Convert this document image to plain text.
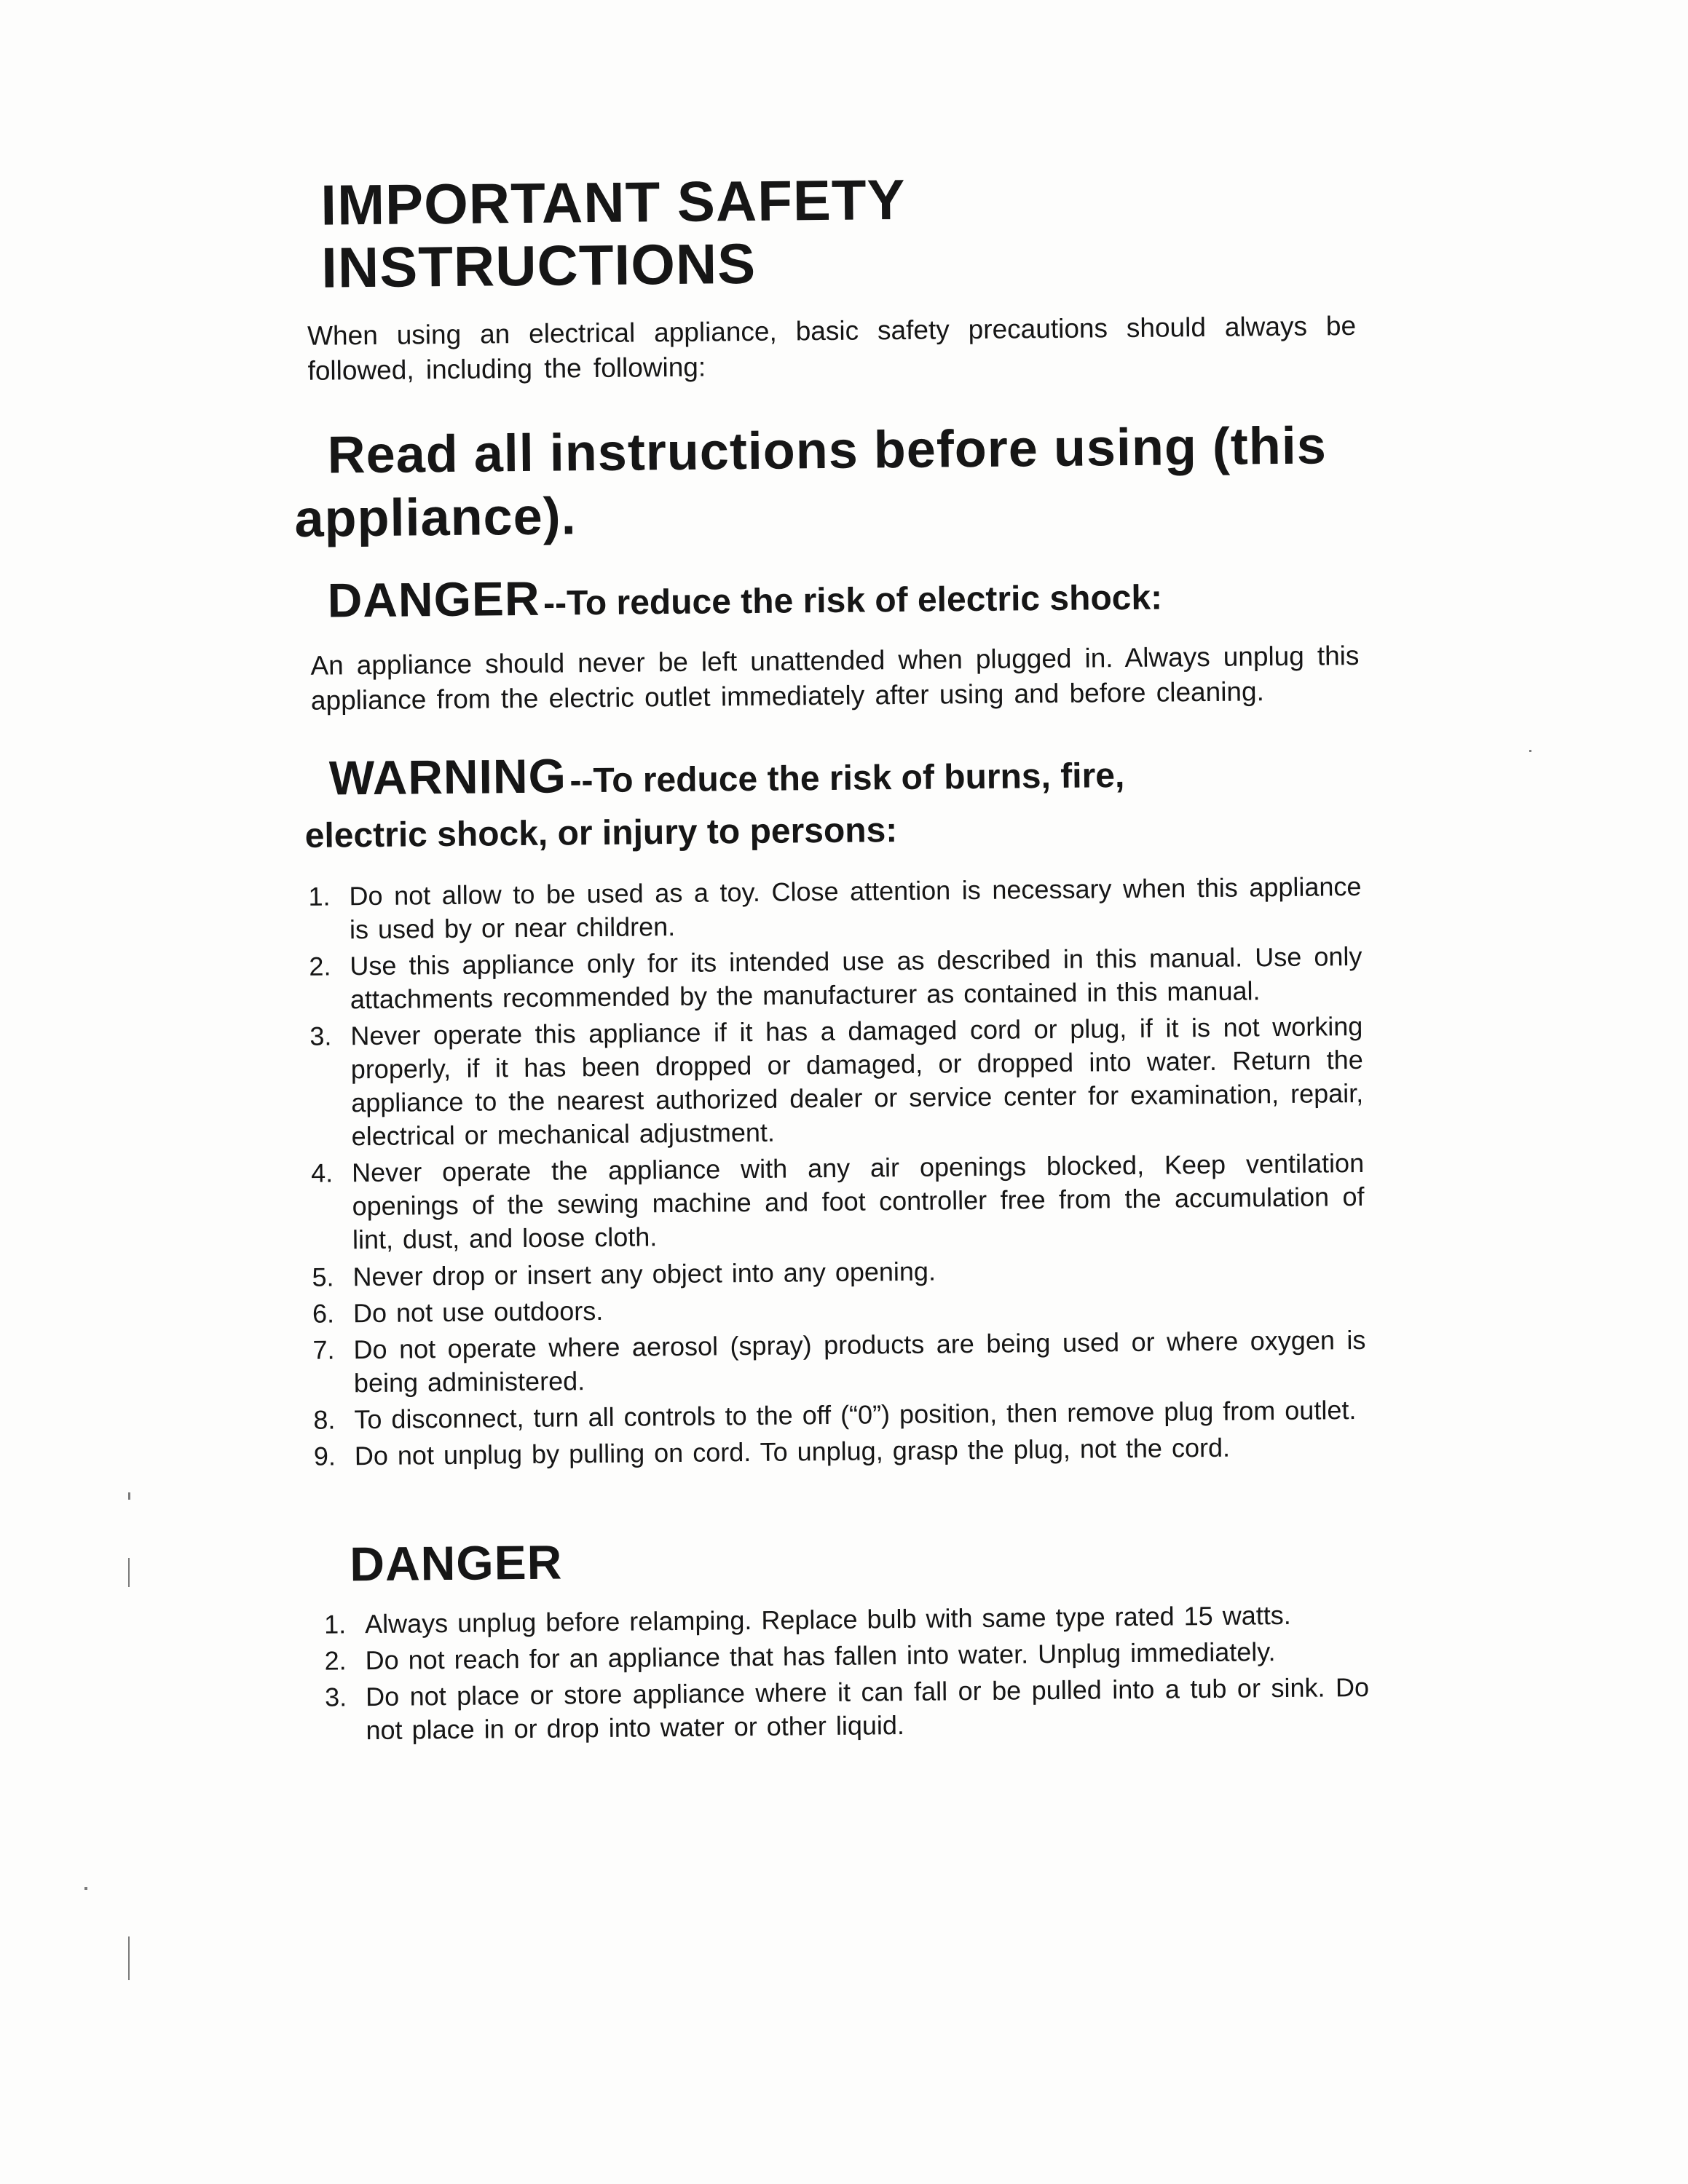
IMPORTANT SAFETY INSTRUCTIONS

When using an electrical appliance, basic safety precautions should always be followed, including the following:

Read all instructions before using (this appliance).

DANGER --To reduce the risk of electric shock:

An appliance should never be left unattended when plugged in. Always unplug this appliance from the electric outlet immediately after using and before cleaning.

WARNING --To reduce the risk of burns, fire,
electric shock, or injury to persons:
1. Do not allow to be used as a toy. Close attention is necessary when this appliance is used by or near children.
2. Use this appliance only for its intended use as described in this manual. Use only attachments recommended by the manufacturer as contained in this manual.
3. Never operate this appliance if it has a damaged cord or plug, if it is not working properly, if it has been dropped or damaged, or dropped into water. Return the appliance to the nearest authorized dealer or service center for examination, repair, electrical or mechanical adjustment.
4. Never operate the appliance with any air openings blocked, Keep ventilation openings of the sewing machine and foot controller free from the accumulation of lint, dust, and loose cloth.
5. Never drop or insert any object into any opening.
6. Do not use outdoors.
7. Do not operate where aerosol (spray) products are being used or where oxygen is being administered.
8. To disconnect, turn all controls to the off (“0”) position, then remove plug from outlet.
9. Do not unplug by pulling on cord. To unplug, grasp the plug, not the cord.
DANGER
1. Always unplug before relamping. Replace bulb with same type rated 15 watts.
2. Do not reach for an appliance that has fallen into water. Unplug immediately.
3. Do not place or store appliance where it can fall or be pulled into a tub or sink. Do not place in or drop into water or other liquid.
